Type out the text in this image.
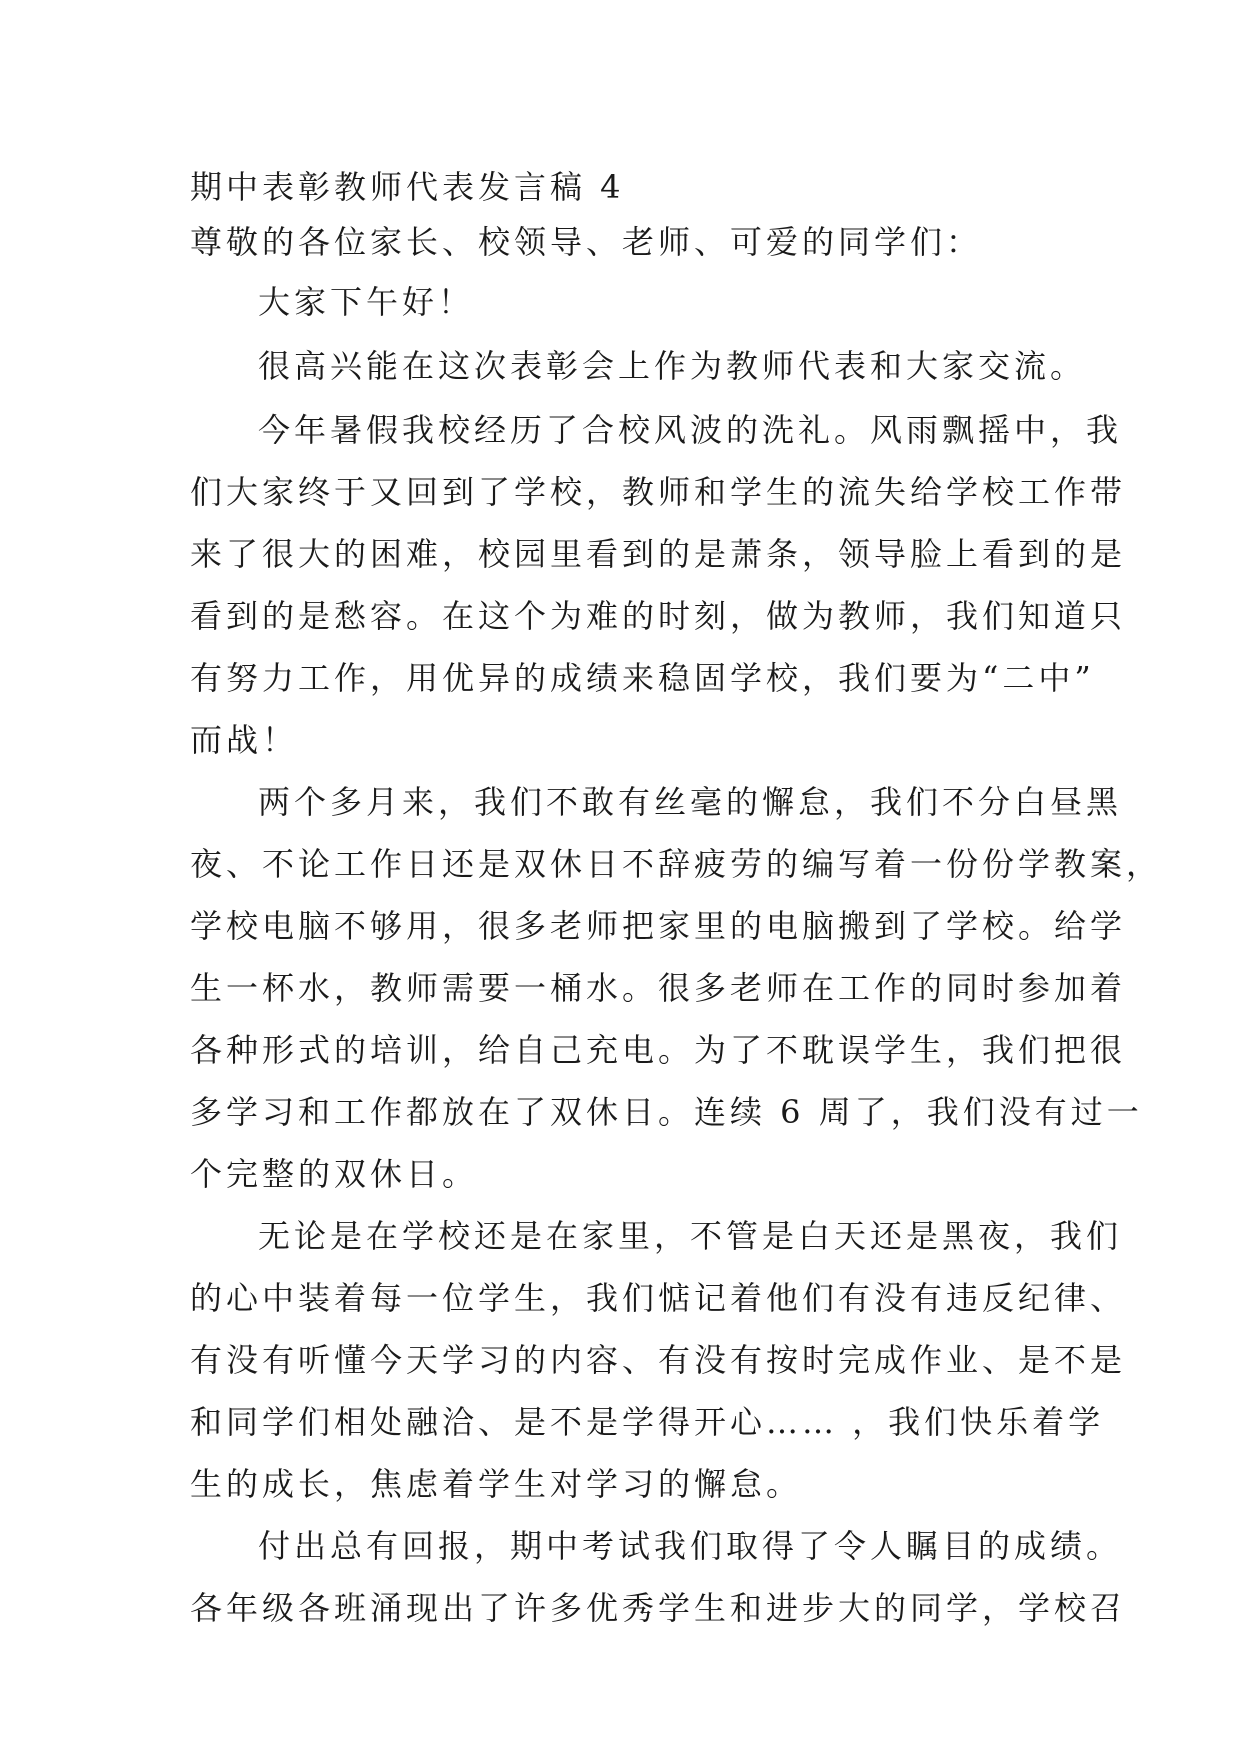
期中表彰教师代表发言稿 4
尊敬的各位家长、校领导、老师、可爱的同学们：
大家下午好！
很高兴能在这次表彰会上作为教师代表和大家交流。
今年暑假我校经历了合校风波的洗礼。风雨飘摇中，我
们大家终于又回到了学校，教师和学生的流失给学校工作带
来了很大的困难，校园里看到的是萧条，领导脸上看到的是
看到的是愁容。在这个为难的时刻，做为教师，我们知道只
有努力工作，用优异的成绩来稳固学校，我们要为“二中”
而战！
两个多月来，我们不敢有丝毫的懈怠，我们不分白昼黑
夜、不论工作日还是双休日不辞疲劳的编写着一份份学教案，
学校电脑不够用，很多老师把家里的电脑搬到了学校。给学
生一杯水，教师需要一桶水。很多老师在工作的同时参加着
各种形式的培训，给自己充电。为了不耽误学生，我们把很
多学习和工作都放在了双休日。连续 6 周了，我们没有过一
个完整的双休日。
无论是在学校还是在家里，不管是白天还是黑夜，我们
的心中装着每一位学生，我们惦记着他们有没有违反纪律、
有没有听懂今天学习的内容、有没有按时完成作业、是不是
和同学们相处融洽、是不是学得开心…… ，我们快乐着学
生的成长，焦虑着学生对学习的懈怠。
付出总有回报，期中考试我们取得了令人瞩目的成绩。
各年级各班涌现出了许多优秀学生和进步大的同学，学校召
